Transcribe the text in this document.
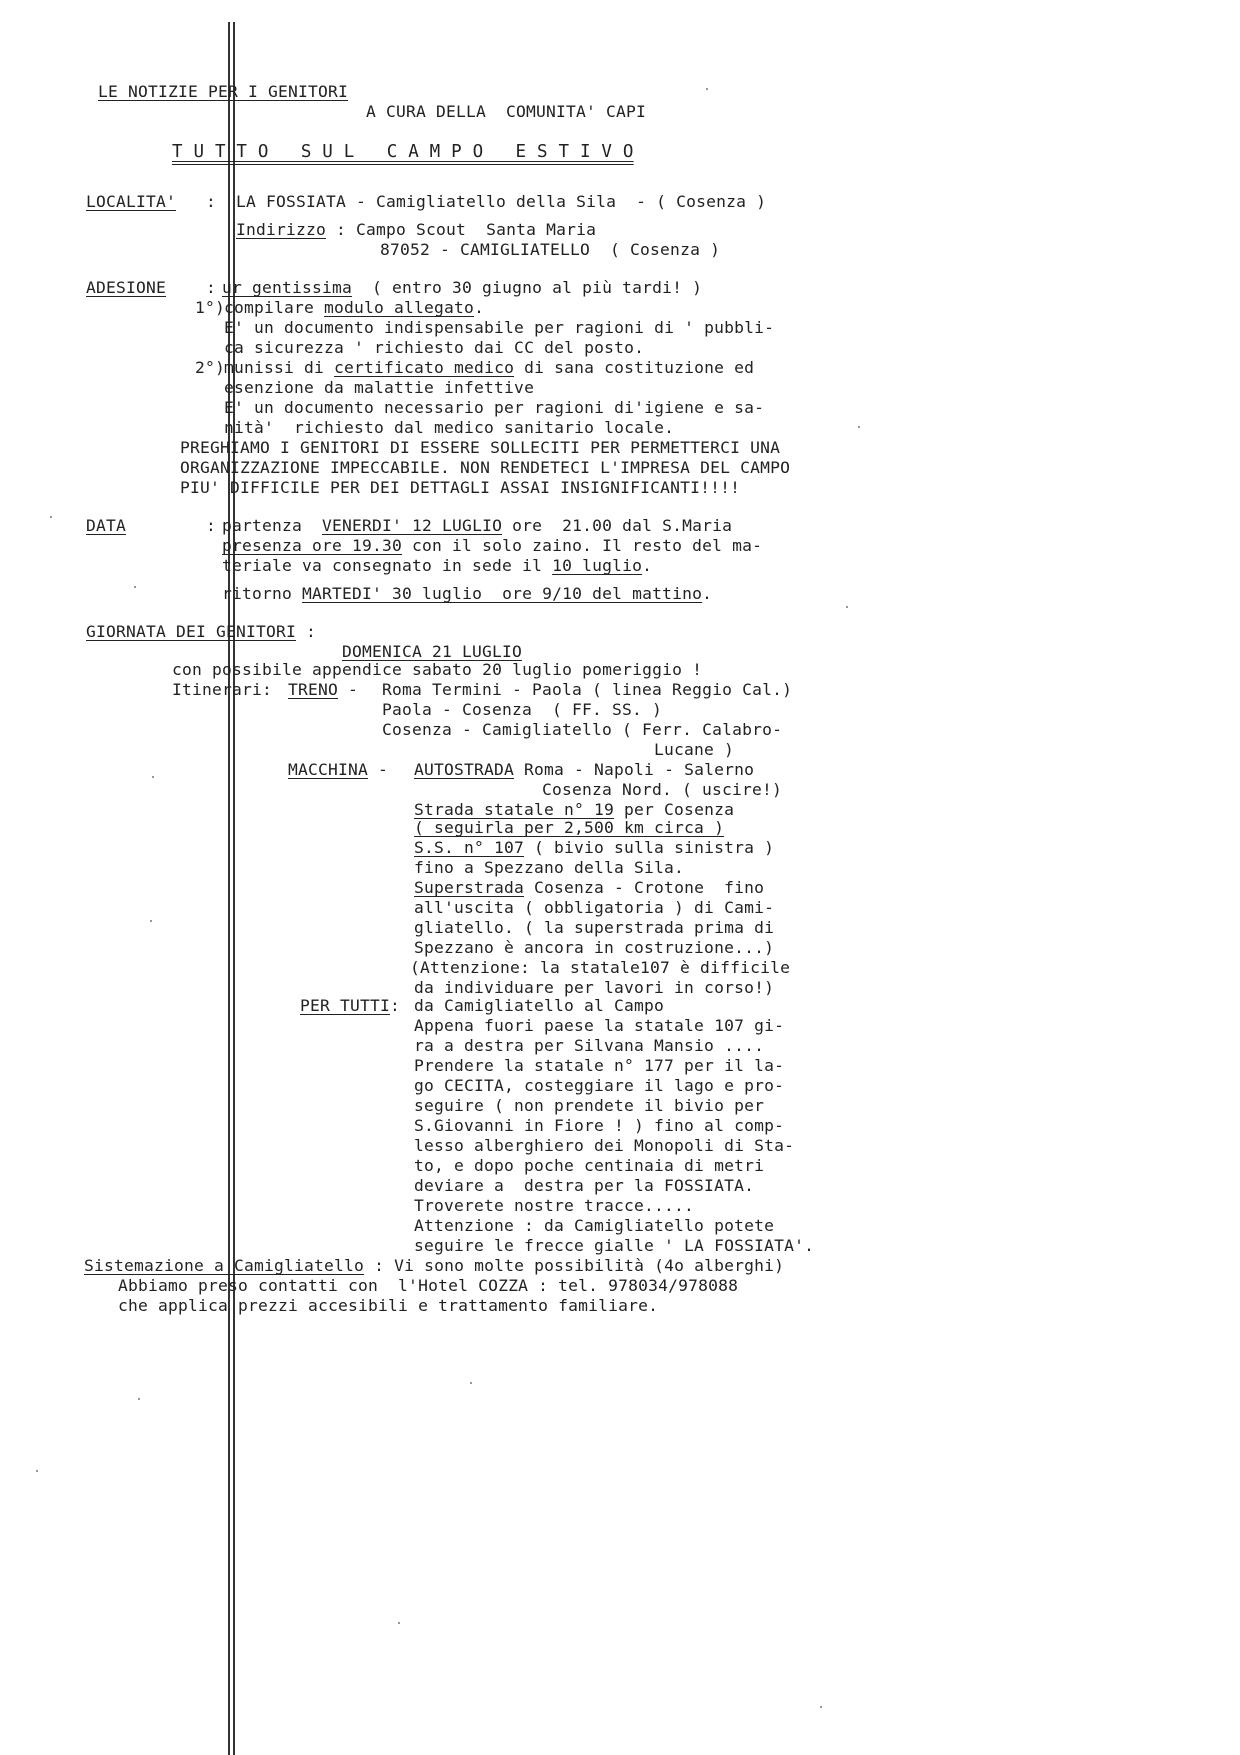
LE NOTIZIE PER I GENITORI
A CURA DELLA  COMUNITA' CAPI
T U T T O   S U L   C A M P O   E S T I V O
LOCALITA' : LA FOSSIATA - Camigliatello della Sila  - ( Cosenza )
Indirizzo : Campo Scout  Santa Maria
87052 - CAMIGLIATELLO  ( Cosenza )
ADESIONE : ur gentissima  ( entro 30 giugno al più tardi! )
1°)
compilare modulo allegato.
E' un documento indispensabile per ragioni di ' pubbli-
ca sicurezza ' richiesto dai CC del posto.
2°)
munissi di certificato medico di sana costituzione ed
esenzione da malattie infettive
E' un documento necessario per ragioni di'igiene e sa-
nità'  richiesto dal medico sanitario locale.
PREGHIAMO I GENITORI DI ESSERE SOLLECITI PER PERMETTERCI UNA
ORGANIZZAZIONE IMPECCABILE. NON RENDETECI L'IMPRESA DEL CAMPO
PIU' DIFFICILE PER DEI DETTAGLI ASSAI INSIGNIFICANTI!!!!
DATA	: partenza  VENERDI' 12 LUGLIO ore  21.00 dal S.Maria
presenza ore 19.30 con il solo zaino. Il resto del ma-
teriale va consegnato in sede il 10 luglio.
ritorno MARTEDI' 30 luglio  ore 9/10 del mattino.
GIORNATA DEI GENITORI :
DOMENICA 21 LUGLIO
con possibile appendice sabato 20 luglio pomeriggio !
Itinerari: TRENO - Roma Termini - Paola ( linea Reggio Cal.)
Paola - Cosenza  ( FF. SS. )
Cosenza - Camigliatello ( Ferr. Calabro-
Lucane )
MACCHINA - AUTOSTRADA Roma - Napoli - Salerno
Cosenza Nord. ( uscire!)
Strada statale n° 19 per Cosenza
( seguirla per 2,500 km circa )
S.S. n° 107 ( bivio sulla sinistra )
fino a Spezzano della Sila.
Superstrada Cosenza - Crotone  fino
all'uscita ( obbligatoria ) di Cami-
gliatello. ( la superstrada prima di
Spezzano è ancora in costruzione...)
(Attenzione: la statale107 è difficile
da individuare per lavori in corso!)
PER TUTTI: da Camigliatello al Campo
Appena fuori paese la statale 107 gi-
ra a destra per Silvana Mansio ....
Prendere la statale n° 177 per il la-
go CECITA, costeggiare il lago e pro-
seguire ( non prendete il bivio per
S.Giovanni in Fiore ! ) fino al comp-
lesso alberghiero dei Monopoli di Sta-
to, e dopo poche centinaia di metri
deviare a  destra per la FOSSIATA.
Troverete nostre tracce.....
Attenzione : da Camigliatello potete
seguire le frecce gialle ' LA FOSSIATA'.
Sistemazione a Camigliatello : Vi sono molte possibilità (4o alberghi)
Abbiamo preso contatti con  l'Hotel COZZA : tel. 978034/978088
che applica prezzi accesibili e trattamento familiare.
